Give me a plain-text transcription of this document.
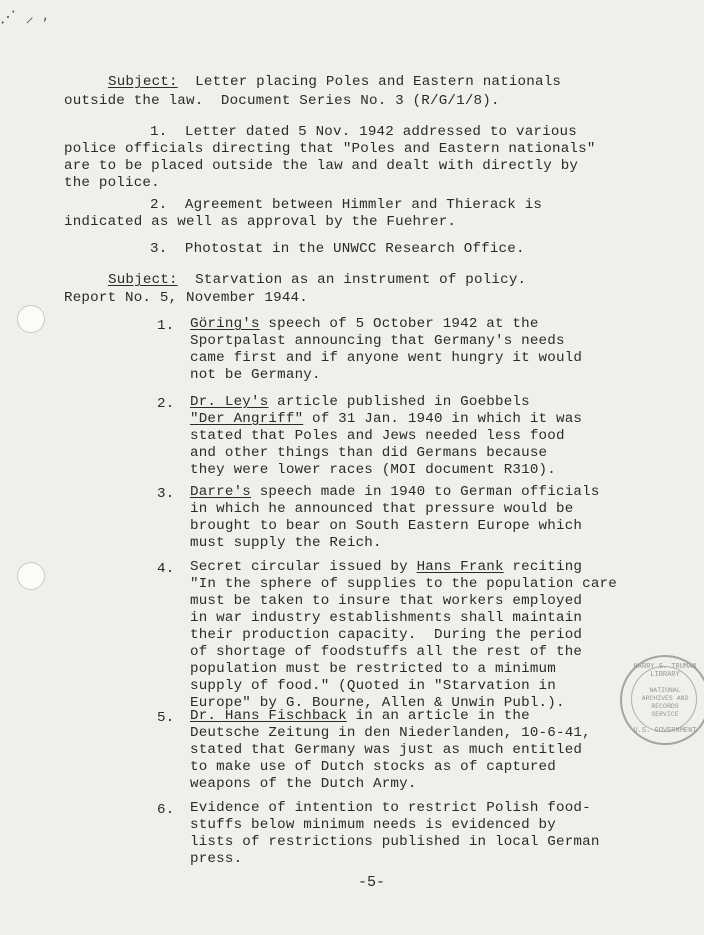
⋰ ⸝ ⸴
Subject:  Letter placing Poles and Eastern nationals
outside the law.  Document Series No. 3 (R/G/1/8).
1.  Letter dated 5 Nov. 1942 addressed to various
police officials directing that "Poles and Eastern nationals"
are to be placed outside the law and dealt with directly by
the police.
2.  Agreement between Himmler and Thierack is
indicated as well as approval by the Fuehrer.
3.  Photostat in the UNWCC Research Office.
Subject:  Starvation as an instrument of policy.
Report No. 5, November 1944.
1. Göring's speech of 5 October 1942 at the
Sportpalast announcing that Germany's needs
came first and if anyone went hungry it would
not be Germany.
2. Dr. Ley's article published in Goebbels
"Der Angriff" of 31 Jan. 1940 in which it was
stated that Poles and Jews needed less food
and other things than did Germans because
they were lower races (MOI document R310).
3. Darre's speech made in 1940 to German officials
in which he announced that pressure would be
brought to bear on South Eastern Europe which
must supply the Reich.
4. Secret circular issued by Hans Frank reciting
"In the sphere of supplies to the population care
must be taken to insure that workers employed
in war industry establishments shall maintain
their production capacity.  During the period
of shortage of foodstuffs all the rest of the
population must be restricted to a minimum
supply of food." (Quoted in "Starvation in
Europe" by G. Bourne, Allen & Unwin Publ.).
5. Dr. Hans Fischback in an article in the
Deutsche Zeitung in den Niederlanden, 10-6-41,
stated that Germany was just as much entitled
to make use of Dutch stocks as of captured
weapons of the Dutch Army.
6. Evidence of intention to restrict Polish food-
stuffs below minimum needs is evidenced by
lists of restrictions published in local German
press.
-5-
HARRY S. TRUMAN LIBRARY
NATIONAL ARCHIVES AND RECORDS SERVICE
U.S. GOVERNMENT
